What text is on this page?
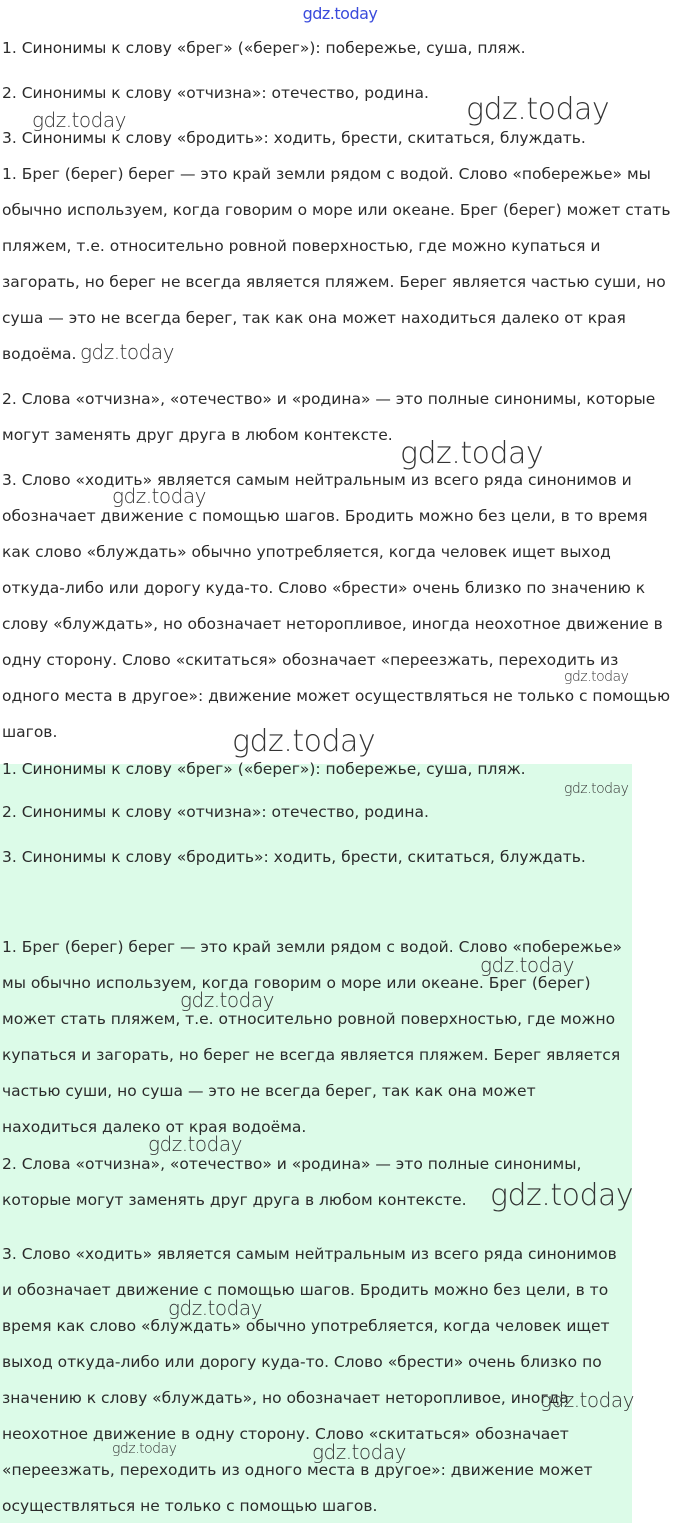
gdz.today

1. Синонимы к слову «брег» («берег»): побережье, суша, пляж.

2. Синонимы к слову «отчизна»: отечество, родина.

3. Синонимы к слову «бродить»: ходить, брести, скитаться, блуждать.

1. Брег (берег) берег — это край земли рядом с водой. Слово «побережье» мы обычно используем, когда говорим о море или океане. Брег (берег) может стать пляжем, т.е. относительно ровной поверхностью, где можно купаться и загорать, но берег не всегда является пляжем. Берег является частью суши, но суша — это не всегда берег, так как она может находиться далеко от края водоёма.

2. Слова «отчизна», «отечество» и «родина» — это полные синонимы, которые могут заменять друг друга в любом контексте.

3. Слово «ходить» является самым нейтральным из всего ряда синонимов и обозначает движение с помощью шагов. Бродить можно без цели, в то время как слово «блуждать» обычно употребляется, когда человек ищет выход откуда-либо или дорогу куда-то. Слово «брести» очень близко по значению к слову «блуждать», но обозначает неторопливое, иногда неохотное движение в одну сторону. Слово «скитаться» обозначает «переезжать, переходить из одного места в другое»: движение может осуществляться не только с помощью шагов.

1. Синонимы к слову «брег» («берег»): побережье, суша, пляж.

2. Синонимы к слову «отчизна»: отечество, родина.

3. Синонимы к слову «бродить»: ходить, брести, скитаться, блуждать.

1. Брег (берег) берег — это край земли рядом с водой. Слово «побережье» мы обычно используем, когда говорим о море или океане. Брег (берег) может стать пляжем, т.е. относительно ровной поверхностью, где можно купаться и загорать, но берег не всегда является пляжем. Берег является частью суши, но суша — это не всегда берег, так как она может находиться далеко от края водоёма.

2. Слова «отчизна», «отечество» и «родина» — это полные синонимы, которые могут заменять друг друга в любом контексте.

3. Слово «ходить» является самым нейтральным из всего ряда синонимов и обозначает движение с помощью шагов. Бродить можно без цели, в то время как слово «блуждать» обычно употребляется, когда человек ищет выход откуда-либо или дорогу куда-то. Слово «брести» очень близко по значению к слову «блуждать», но обозначает неторопливое, иногда неохотное движение в одну сторону. Слово «скитаться» обозначает «переезжать, переходить из одного места в другое»: движение может осуществляться не только с помощью шагов.

gdz.today
gdz.today
gdz.today
gdz.today
gdz.today
gdz.today
gdz.today
gdz.today
gdz.today
gdz.today
gdz.today
gdz.today
gdz.today
gdz.today
gdz.today	gdz.today
